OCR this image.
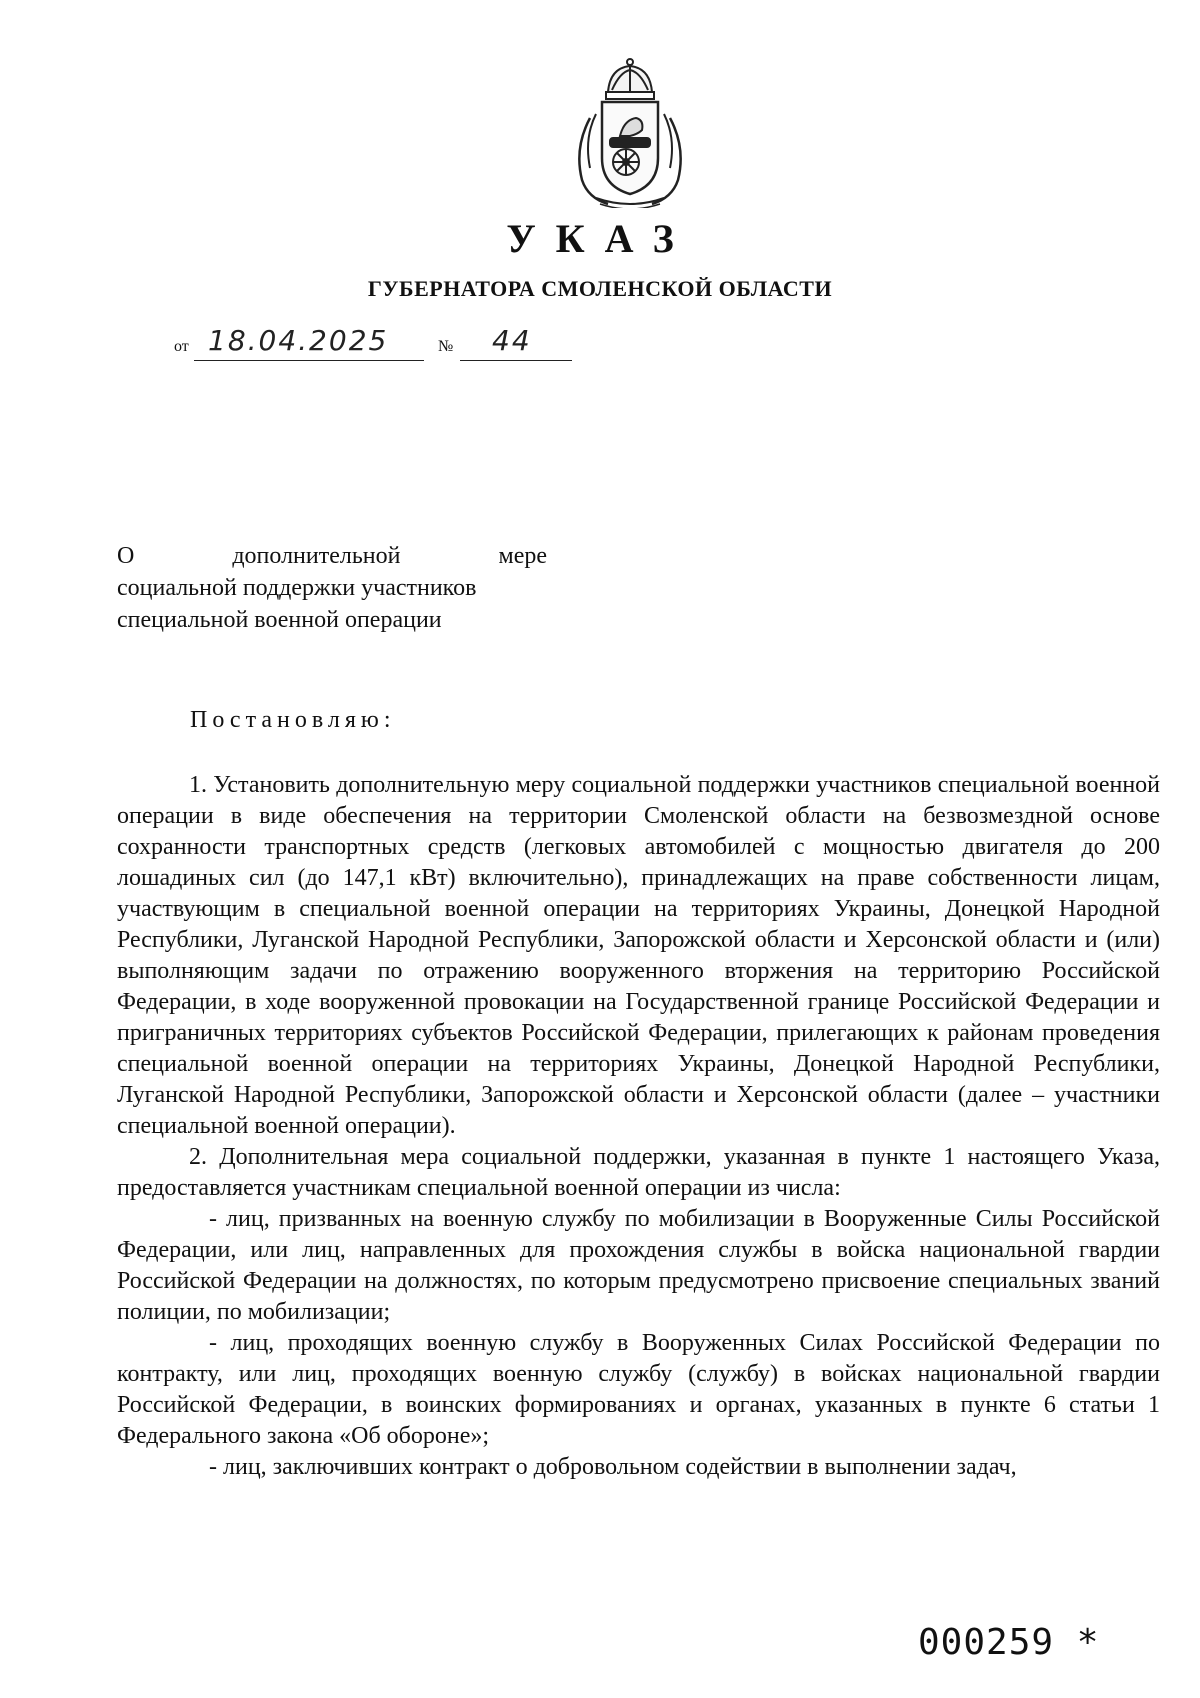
УКАЗ
ГУБЕРНАТОРА СМОЛЕНСКОЙ ОБЛАСТИ
от 18.04.2025	№ 44
О	дополнительной	мере
социальной поддержки участников
специальной военной операции
Постановляю:

1. Установить дополнительную меру социальной поддержки участников специальной военной операции в виде обеспечения на территории Смоленской области на безвозмездной основе сохранности транспортных средств (легковых автомобилей с мощностью двигателя до 200 лошадиных сил (до 147,1 кВт) включительно), принадлежащих на праве собственности лицам, участвующим в специальной военной операции на территориях Украины, Донецкой Народной Республики, Луганской Народной Республики, Запорожской области и Херсонской области и (или) выполняющим задачи по отражению вооруженного вторжения на территорию Российской Федерации, в ходе вооруженной провокации на Государственной границе Российской Федерации и приграничных территориях субъектов Российской Федерации, прилегающих к районам проведения специальной военной операции на территориях Украины, Донецкой Народной Республики, Луганской Народной Республики, Запорожской области и Херсонской области (далее – участники специальной военной операции).

2. Дополнительная мера социальной поддержки, указанная в пункте 1 настоящего Указа, предоставляется участникам специальной военной операции из числа:

- лиц, призванных на военную службу по мобилизации в Вооруженные Силы Российской Федерации, или лиц, направленных для прохождения службы в войска национальной гвардии Российской Федерации на должностях, по которым предусмотрено присвоение специальных званий полиции, по мобилизации;

- лиц, проходящих военную службу в Вооруженных Силах Российской Федерации по контракту, или лиц, проходящих военную службу (службу) в войсках национальной гвардии Российской Федерации, в воинских формированиях и органах, указанных в пункте 6 статьи 1 Федерального закона «Об обороне»;

- лиц, заключивших контракт о добровольном содействии в выполнении задач,

000259 *
